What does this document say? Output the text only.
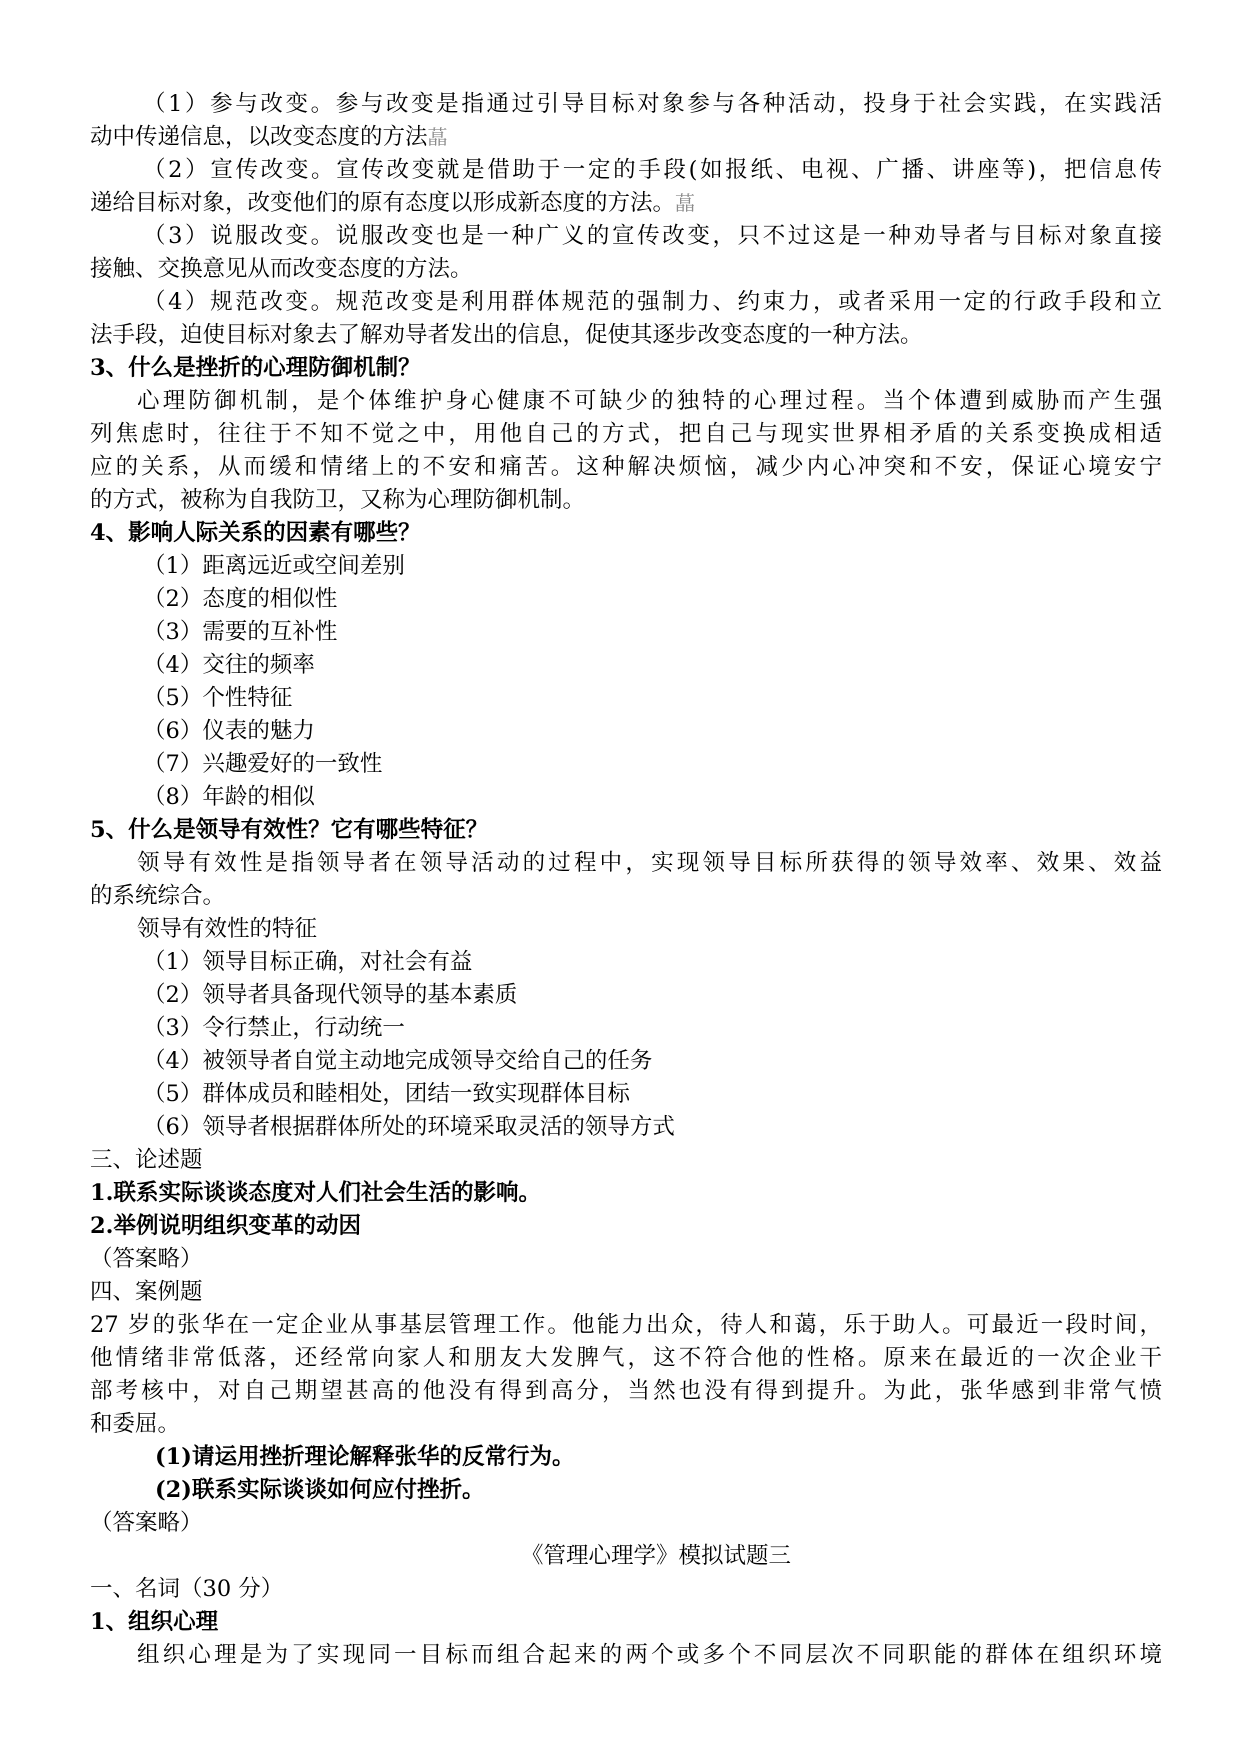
（1）参与改变。参与改变是指通过引导目标对象参与各种活动，投身于社会实践，在实践活
动中传递信息，以改变态度的方法蕌
（2）宣传改变。宣传改变就是借助于一定的手段(如报纸、电视、广播、讲座等)，把信息传
递给目标对象，改变他们的原有态度以形成新态度的方法。蕌
（3）说服改变。说服改变也是一种广义的宣传改变，只不过这是一种劝导者与目标对象直接
接触、交换意见从而改变态度的方法。
（4）规范改变。规范改变是利用群体规范的强制力、约束力，或者采用一定的行政手段和立
法手段，迫使目标对象去了解劝导者发出的信息，促使其逐步改变态度的一种方法。
3、什么是挫折的心理防御机制？
心理防御机制，是个体维护身心健康不可缺少的独特的心理过程。当个体遭到威胁而产生强
列焦虑时，往往于不知不觉之中，用他自己的方式，把自己与现实世界相矛盾的关系变换成相适
应的关系，从而缓和情绪上的不安和痛苦。这种解决烦恼，减少内心冲突和不安，保证心境安宁
的方式，被称为自我防卫，又称为心理防御机制。
4、影响人际关系的因素有哪些？
（1）距离远近或空间差别
（2）态度的相似性
（3）需要的互补性
（4）交往的频率
（5）个性特征
（6）仪表的魅力
（7）兴趣爱好的一致性
（8）年龄的相似
5、什么是领导有效性？它有哪些特征？
领导有效性是指领导者在领导活动的过程中，实现领导目标所获得的领导效率、效果、效益
的系统综合。
领导有效性的特征
（1）领导目标正确，对社会有益
（2）领导者具备现代领导的基本素质
（3）令行禁止，行动统一
（4）被领导者自觉主动地完成领导交给自己的任务
（5）群体成员和睦相处，团结一致实现群体目标
（6）领导者根据群体所处的环境采取灵活的领导方式
三、论述题
1.联系实际谈谈态度对人们社会生活的影响。
2.举例说明组织变革的动因
（答案略）
四、案例题
27 岁的张华在一定企业从事基层管理工作。他能力出众，待人和蔼，乐于助人。可最近一段时间，
他情绪非常低落，还经常向家人和朋友大发脾气，这不符合他的性格。原来在最近的一次企业干
部考核中，对自己期望甚高的他没有得到高分，当然也没有得到提升。为此，张华感到非常气愤
和委屈。
(1)请运用挫折理论解释张华的反常行为。
(2)联系实际谈谈如何应付挫折。
（答案略）
《管理心理学》模拟试题三
一、名词（30 分）
1、组织心理
组织心理是为了实现同一目标而组合起来的两个或多个不同层次不同职能的群体在组织环境
